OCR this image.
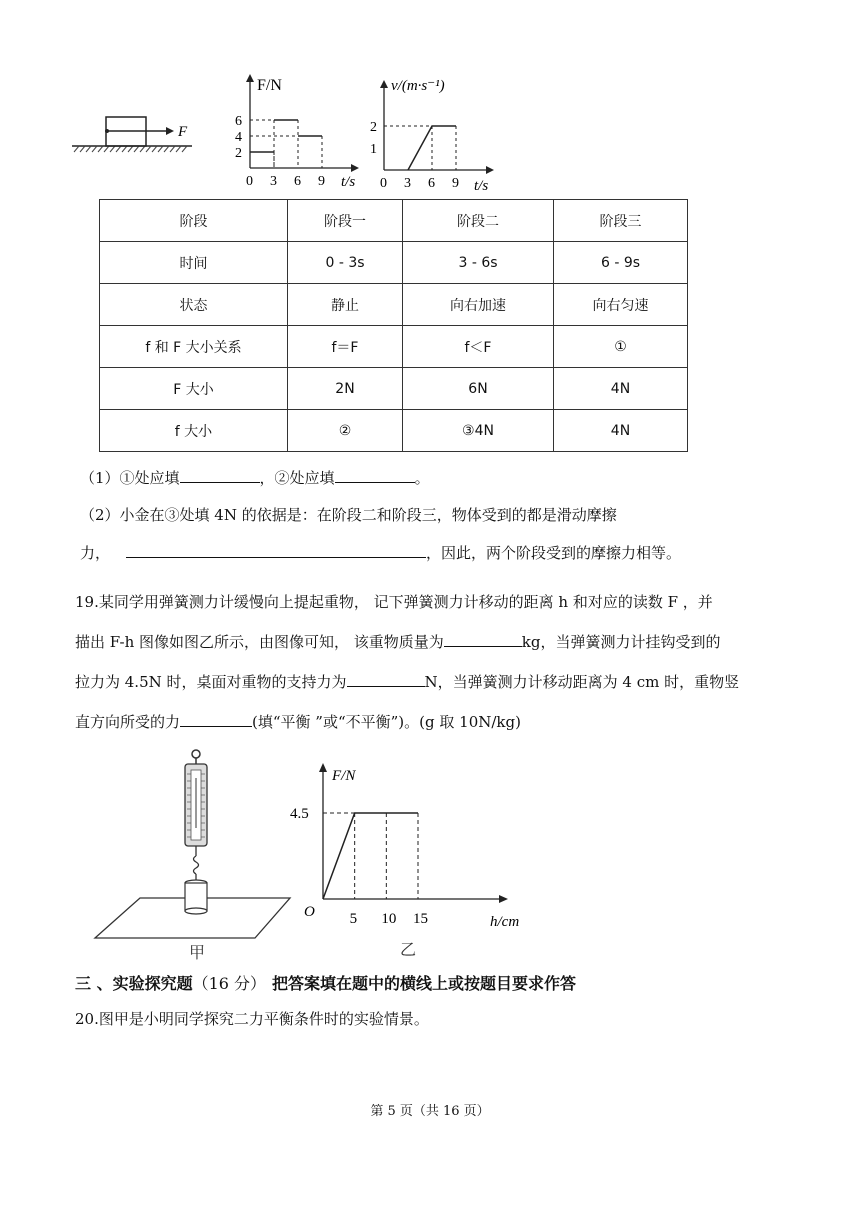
F
F/N
t/s
6
4
2
0 3 6 9
v/(m·s⁻¹)
t/s
2
1
0 3 6 9
阶段	阶段一	阶段二	阶段三
时间	0 - 3s	3 - 6s	6 - 9s
状态	静止	向右加速	向右匀速
f 和 F 大小关系	f＝F	f＜F	①
F 大小	2N	6N	4N
f 大小	②	③4N	4N
（1）①处应填	，②处应填	。
（2）小金在③处填 4N 的依据是：在阶段二和阶段三，物体受到的都是滑动摩擦
力，	，因此，两个阶段受到的摩擦力相等。
19.某同学用弹簧测力计缓慢向上提起重物， 记下弹簧测力计移动的距离 h 和对应的读数 F ，并
描出 F-h 图像如图乙所示，由图像可知， 该重物质量为	kg，当弹簧测力计挂钩受到的
拉力为 4.5N 时，桌面对重物的支持力为	N，当弹簧测力计移动距离为 4 cm 时，重物竖
直方向所受的力	(填“平衡 ”或“不平衡”)。(g 取 10N/kg)
甲
F/N
h/cm
O
4.5
5 10 15
乙
三 、实验探究题（16 分） 把答案填在题中的横线上或按题目要求作答
20.图甲是小明同学探究二力平衡条件时的实验情景。
第 5 页（共 16 页）
